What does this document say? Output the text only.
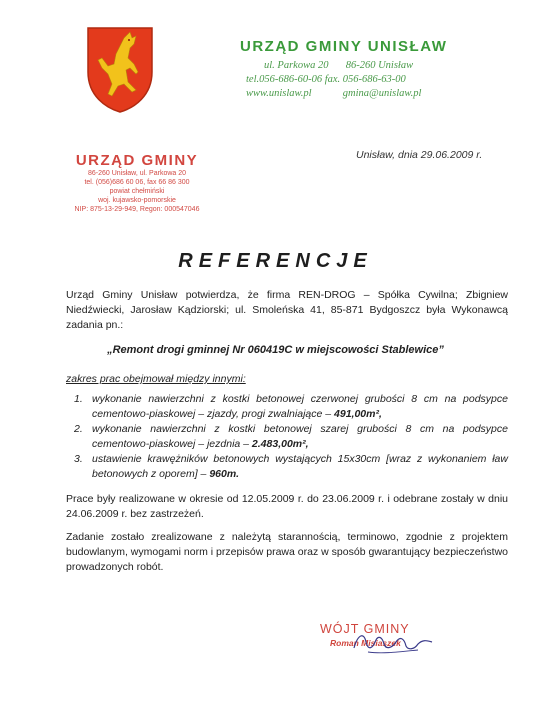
URZĄD GMINY UNISŁAW
ul. Parkowa 20 86-260 Unisław
tel.056-686-60-06 fax. 056-686-63-00
www.unislaw.pl	gmina@unislaw.pl
Unisław, dnia 29.06.2009 r.
URZĄD GMINY
86-260 Unisław, ul. Parkowa 20
tel. (056)686 60 06, fax 66 86 300
powiat chełmiński
woj. kujawsko-pomorskie
NIP: 875-13-29-949, Regon: 000547046
REFERENCJE

Urząd Gminy Unisław potwierdza, że firma REN-DROG – Spółka Cywilna; Zbigniew Niedźwiecki, Jarosław Kądziorski; ul. Smoleńska 41, 85-871 Bydgoszcz była Wykonawcą zadania pn.:

„Remont drogi gminnej Nr 060419C w miejscowości Stablewice”
zakres prac obejmował między innymi:
1. wykonanie nawierzchni z kostki betonowej czerwonej grubości 8 cm na podsypce cementowo-piaskowej – zjazdy, progi zwalniające – 491,00m²,
2. wykonanie nawierzchni z kostki betonowej szarej grubości 8 cm na podsypce cementowo-piaskowej – jezdnia – 2.483,00m²,
3. ustawienie krawężników betonowych wystających 15x30cm [wraz z wykonaniem ław betonowych z oporem] – 960m.
Prace były realizowane w okresie od 12.05.2009 r. do 23.06.2009 r. i odebrane zostały w dniu 24.06.2009 r. bez zastrzeżeń.
Zadanie zostało zrealizowane z należytą starannością, terminowo, zgodnie z projektem budowlanym, wymogami norm i przepisów prawa oraz w sposób gwarantujący bezpieczeństwo prowadzonych robót.
WÓJT GMINY
Roman Misiaszek
